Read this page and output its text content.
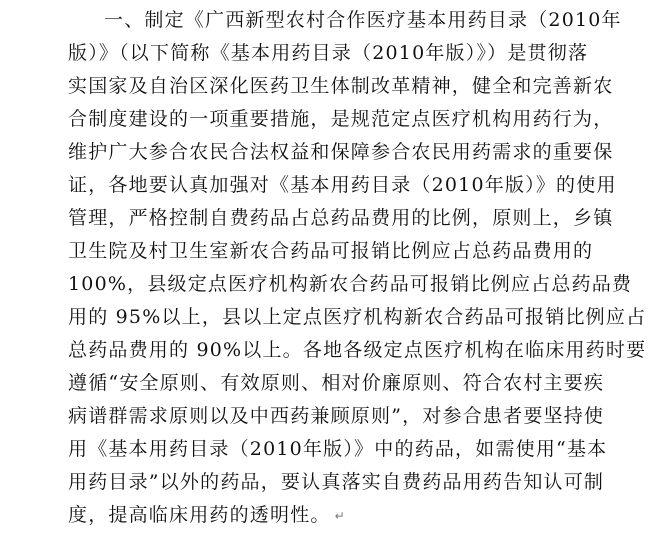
一、制定《广西新型农村合作医疗基本用药目录（2010年
版）》（以下简称《基本用药目录（2010年版）》）是贯彻落
实国家及自治区深化医药卫生体制改革精神，健全和完善新农
合制度建设的一项重要措施，是规范定点医疗机构用药行为，
维护广大参合农民合法权益和保障参合农民用药需求的重要保
证，各地要认真加强对《基本用药目录（2010年版）》的使用
管理，严格控制自费药品占总药品费用的比例，原则上，乡镇
卫生院及村卫生室新农合药品可报销比例应占总药品费用的
100%，县级定点医疗机构新农合药品可报销比例应占总药品费
用的 95%以上，县以上定点医疗机构新农合药品可报销比例应占
总药品费用的 90%以上。各地各级定点医疗机构在临床用药时要
遵循“安全原则、有效原则、相对价廉原则、符合农村主要疾
病谱群需求原则以及中西药兼顾原则”，对参合患者要坚持使
用《基本用药目录（2010年版）》中的药品，如需使用“基本
用药目录”以外的药品，要认真落实自费药品用药告知认可制
度，提高临床用药的透明性。 ↵
